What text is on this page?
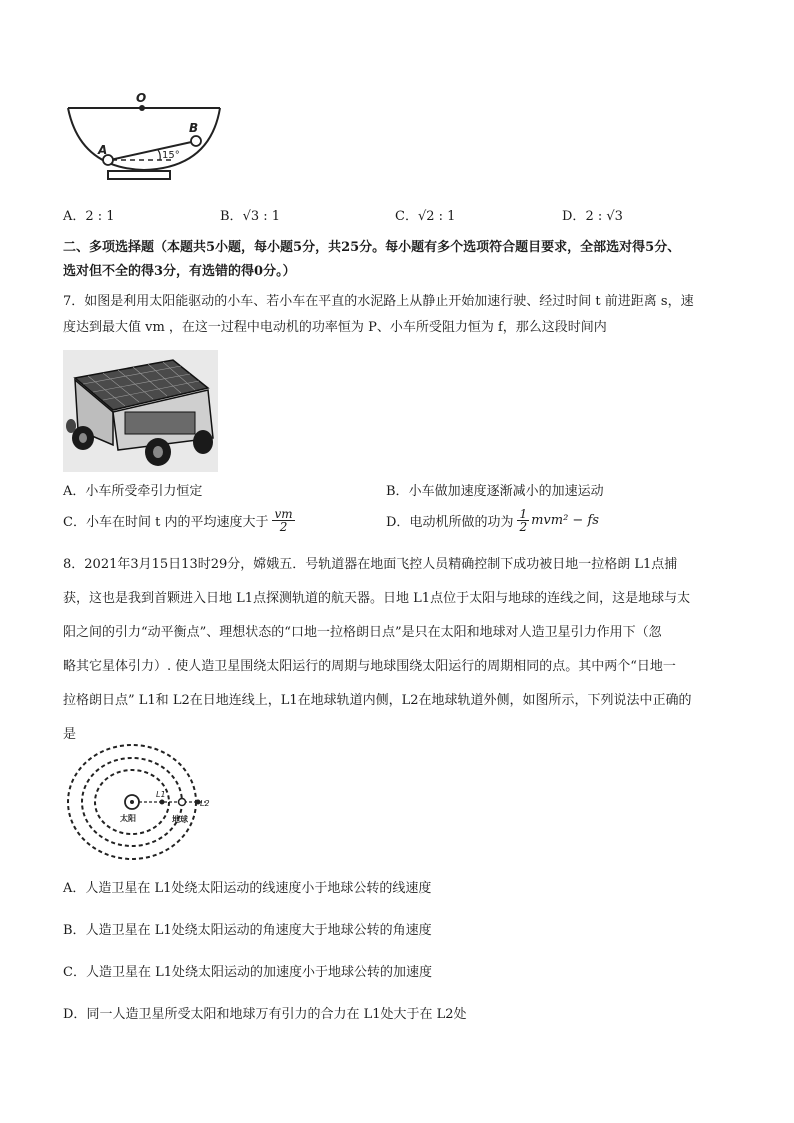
O
B
A	15°
A．2 : 1	B．√3 : 1	C．√2 : 1	D．2 : √3
二、多项选择题（本题共5小题，每小题5分，共25分。每小题有多个选项符合题目要求，全部选对得5分、
选对但不全的得3分，有选错的得0分。）
7．如图是利用太阳能驱动的小车、若小车在平直的水泥路上从静止开始加速行驶、经过时间 t 前进距离 s，速
度达到最大值 vm ，在这一过程中电动机的功率恒为 P、小车所受阻力恒为 f，那么这段时间内
A．小车所受牵引力恒定	B．小车做加速度逐渐减小的加速运动
C． 小车在时间 t 内的平均速度大于 $\frac{vm}{2}$	D． 电动机所做的功为 $\frac{1}{2} mvm^2$ − fs
8．2021年3月15日13时29分，嫦娥五．号轨道器在地面飞控人员精确控制下成功被日地一拉格朗 L1点捕
获，这也是我到首颗进入日地 L1点探测轨道的航天器。日地 L1点位于太阳与地球的连线之间，这是地球与太
阳之间的引力“动平衡点”、理想状态的“口地一拉格朗日点”是只在太阳和地球对人造卫星引力作用下（忽
略其它星体引力）. 使人造卫星围绕太阳运行的周期与地球围绕太阳运行的周期相同的点。其中两个“日地一
拉格朗日点” L1和 L2在日地连线上，L1在地球轨道内侧，L2在地球轨道外侧，如图所示，下列说法中正确的
是
太阳	地球
L1
L2
A．人造卫星在 L1处绕太阳运动的线速度小于地球公转的线速度
B．人造卫星在 L1处绕太阳运动的角速度大于地球公转的角速度
C．人造卫星在 L1处绕太阳运动的加速度小于地球公转的加速度
D．同一人造卫星所受太阳和地球万有引力的合力在 L1处大于在 L2处
